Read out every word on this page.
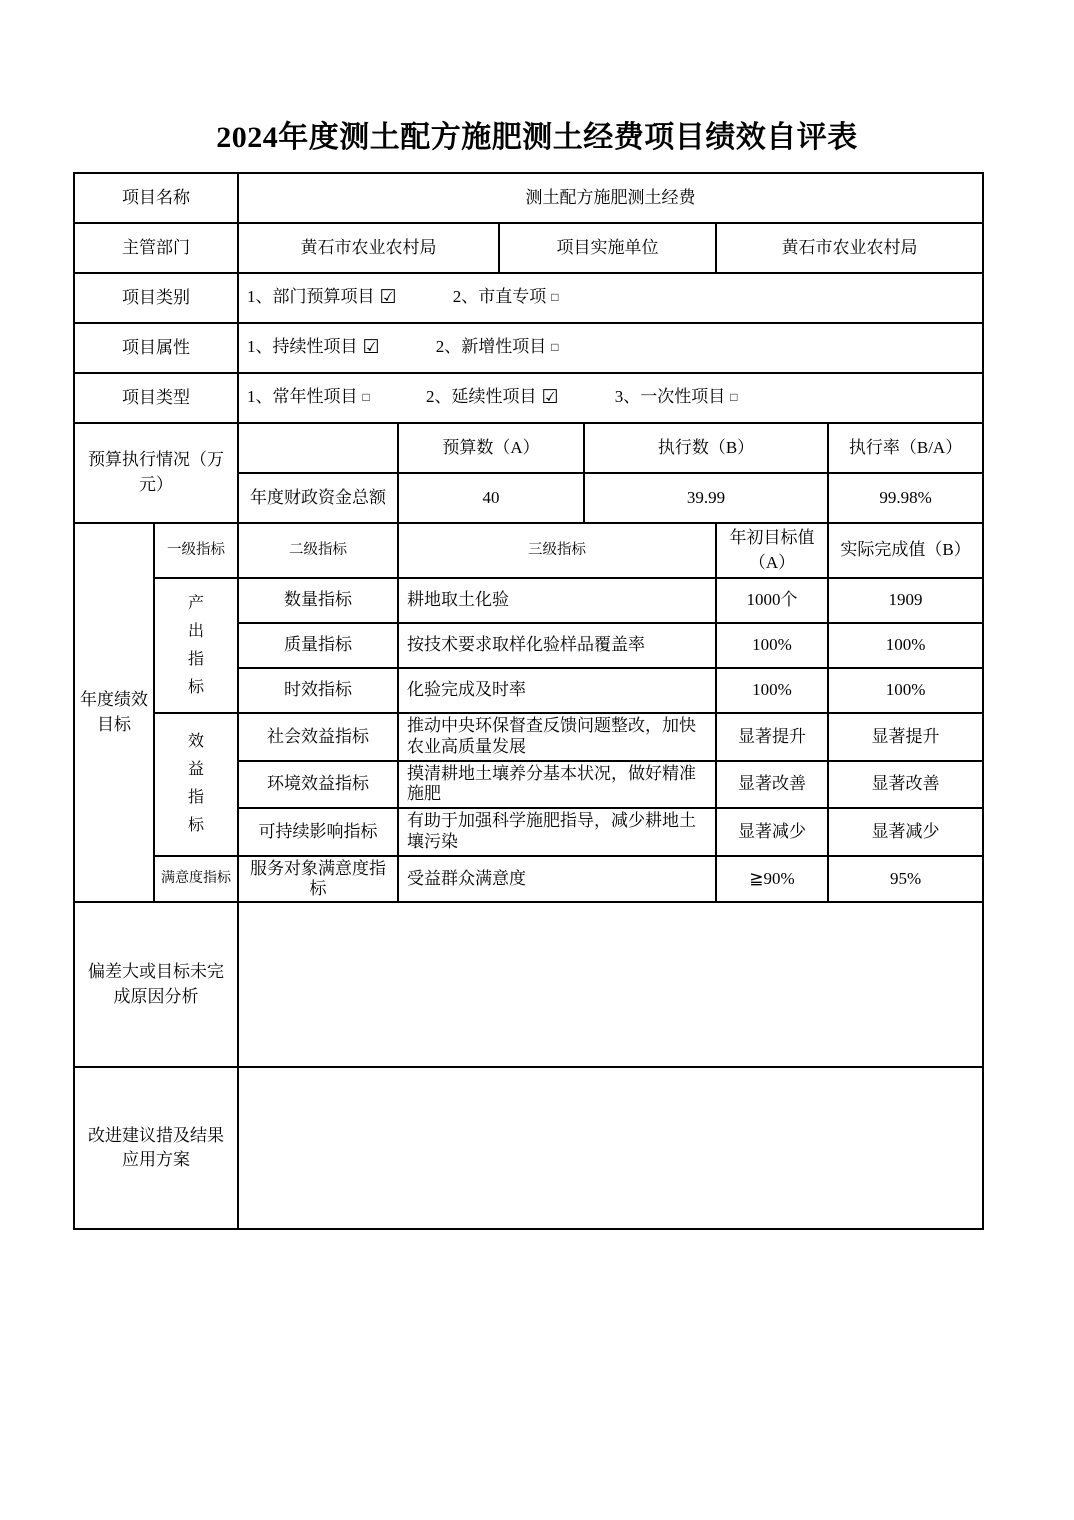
2024年度测土配方施肥测土经费项目绩效自评表
项目名称		测土配方施肥测土经费					
主管部门		黄石市农业农村局		项目实施单位		黄石市农业农村局	
项目类别		1、部门预算项目 ☑ 2、市直专项 □					
项目属性		1、持续性项目 ☑ 2、新增性项目 □					
项目类型		1、常年性项目 □ 2、延续性项目 ☑ 3、一次性项目 □					
预算执行情况（万元）			预算数（A）		执行数（B）		执行率（B/A）
		年度财政资金总额	40		39.99		99.98%
年度绩效目标	一级指标	二级指标	三级指标			年初目标值（A）	实际完成值（B）
	产出指标	数量指标	耕地取土化验			1000个	1909
		质量指标	按技术要求取样化验样品覆盖率			100%	100%
		时效指标	化验完成及时率			100%	100%
	效益指标	社会效益指标	推动中央环保督查反馈问题整改，加快农业高质量发展			显著提升	显著提升
		环境效益指标	摸清耕地土壤养分基本状况，做好精准施肥			显著改善	显著改善
		可持续影响指标	有助于加强科学施肥指导，减少耕地土壤污染			显著减少	显著减少
	满意度指标	服务对象满意度指标	受益群众满意度			≧90%	95%
偏差大或目标未完成原因分析							
改进建议措及结果应用方案							
